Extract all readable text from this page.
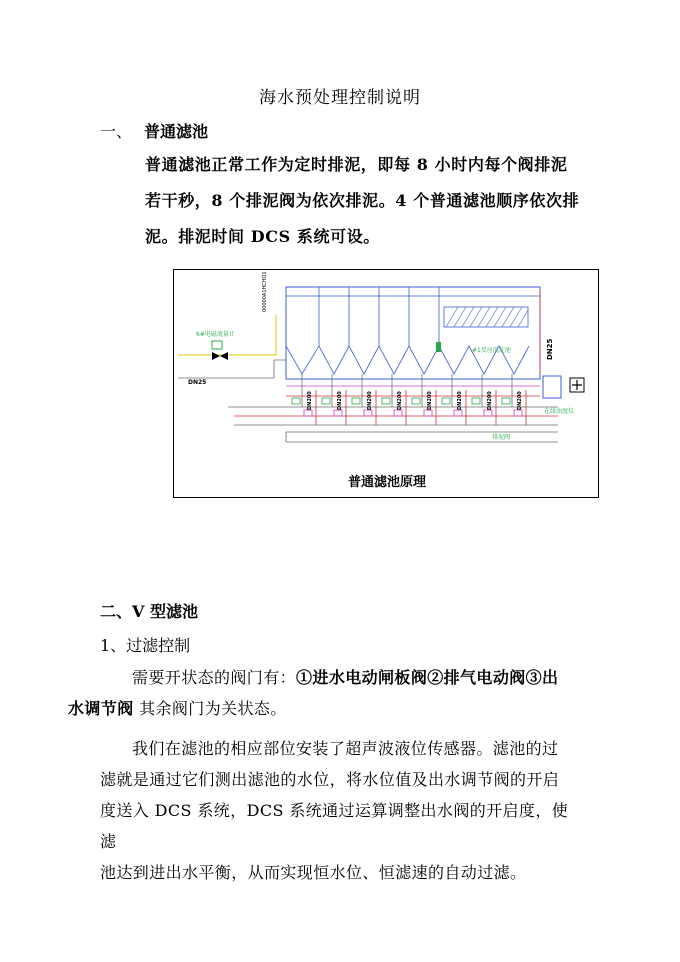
海水预处理控制说明
一、 普通滤池
普通滤池正常工作为定时排泥，即每 8 小时内每个阀排泥
若干秒，8 个排泥阀为依次排泥。4 个普通滤池顺序依次排
泥。排泥时间 DCS 系统可设。
#1反应沉淀池
6#电磁流量计
DN25
00000A1HCHQ1
DN200	DN200	DN200	DN200	DN200	DN200	DN200	DN200
排泥阀
DN25
在线浊度仪
普通滤池原理
二、V 型滤池
1、过滤控制
需要开状态的阀门有：①进水电动闸板阀②排气电动阀③出
水调节阀 其余阀门为关状态。
我们在滤池的相应部位安装了超声波液位传感器。滤池的过
滤就是通过它们测出滤池的水位，将水位值及出水调节阀的开启
度送入 DCS 系统，DCS 系统通过运算调整出水阀的开启度，使滤
池达到进出水平衡，从而实现恒水位、恒滤速的自动过滤。
